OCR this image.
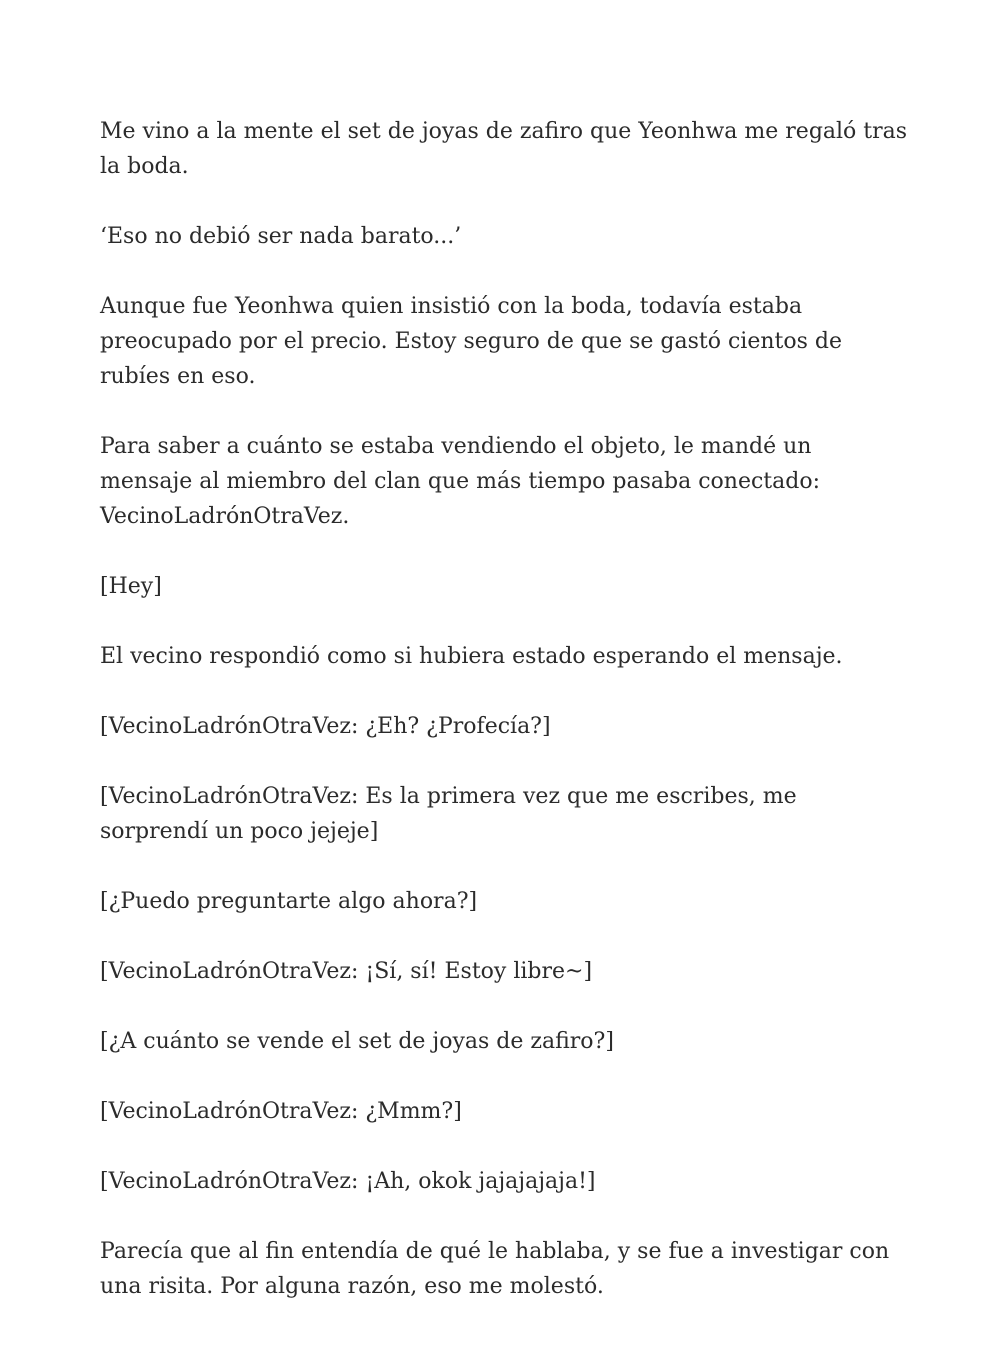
Me vino a la mente el set de joyas de zafiro que Yeonhwa me regaló tras la boda.

‘Eso no debió ser nada barato...’

Aunque fue Yeonhwa quien insistió con la boda, todavía estaba preocupado por el precio. Estoy seguro de que se gastó cientos de rubíes en eso.

Para saber a cuánto se estaba vendiendo el objeto, le mandé un mensaje al miembro del clan que más tiempo pasaba conectado: VecinoLadrónOtraVez.

[Hey]

El vecino respondió como si hubiera estado esperando el mensaje.

[VecinoLadrónOtraVez: ¿Eh? ¿Profecía?]

[VecinoLadrónOtraVez: Es la primera vez que me escribes, me sorprendí un poco jejeje]

[¿Puedo preguntarte algo ahora?]

[VecinoLadrónOtraVez: ¡Sí, sí! Estoy libre~]

[¿A cuánto se vende el set de joyas de zafiro?]

[VecinoLadrónOtraVez: ¿Mmm?]

[VecinoLadrónOtraVez: ¡Ah, okok jajajajaja!]

Parecía que al fin entendía de qué le hablaba, y se fue a investigar con una risita. Por alguna razón, eso me molestó.
